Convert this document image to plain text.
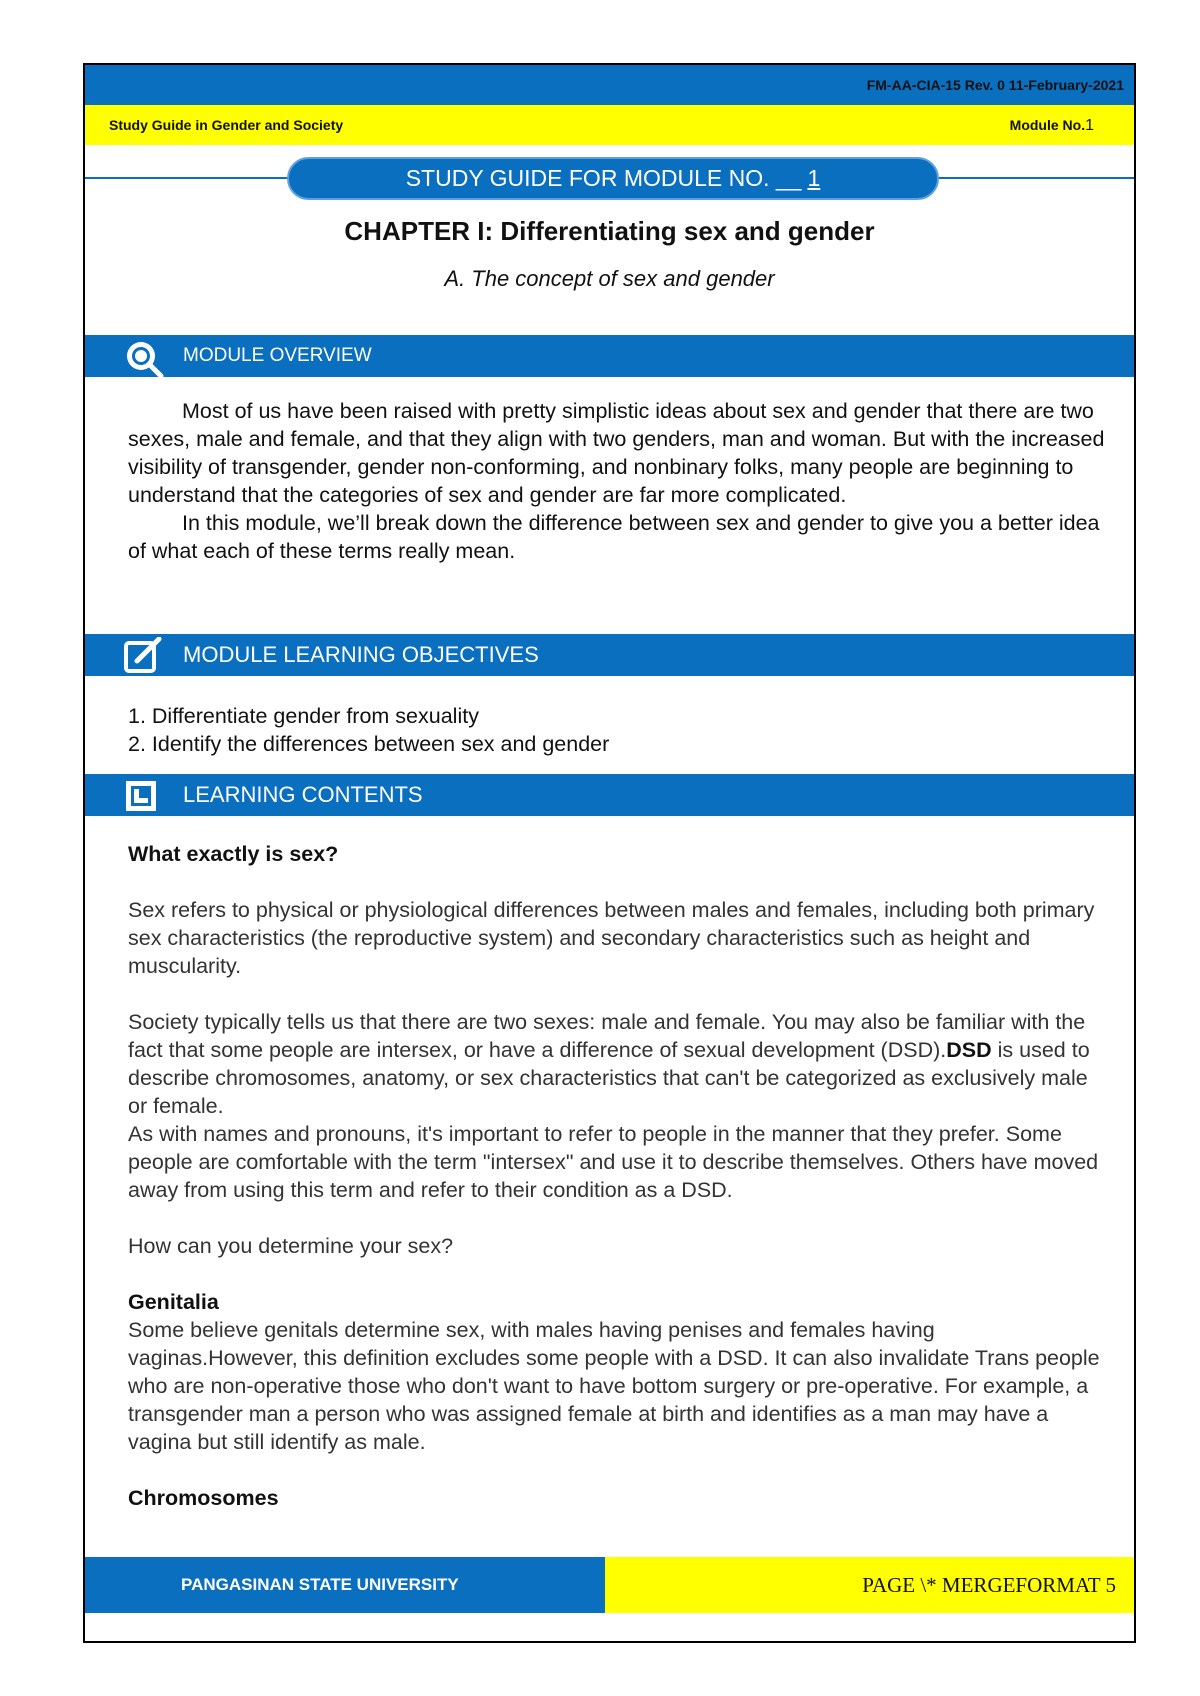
FM-AA-CIA-15 Rev. 0 11-February-2021
Study Guide in Gender and Society	Module No.1
STUDY GUIDE FOR MODULE NO. __ 1
CHAPTER I: Differentiating sex and gender
A. The concept of sex and gender
MODULE OVERVIEW

Most of us have been raised with pretty simplistic ideas about sex and gender that there are two sexes, male and female, and that they align with two genders, man and woman. But with the increased visibility of transgender, gender non-conforming, and nonbinary folks, many people are beginning to understand that the categories of sex and gender are far more complicated.

In this module, we’ll break down the difference between sex and gender to give you a better idea of what each of these terms really mean.

MODULE LEARNING OBJECTIVES

1. Differentiate gender from sexuality

2. Identify the differences between sex and gender

LEARNING CONTENTS

What exactly is sex?

Sex refers to physical or physiological differences between males and females, including both primary sex characteristics (the reproductive system) and secondary characteristics such as height and muscularity.

Society typically tells us that there are two sexes: male and female. You may also be familiar with the fact that some people are intersex, or have a difference of sexual development (DSD).DSD is used to describe chromosomes, anatomy, or sex characteristics that can't be categorized as exclusively male or female.

As with names and pronouns, it's important to refer to people in the manner that they prefer. Some people are comfortable with the term "intersex" and use it to describe themselves. Others have moved away from using this term and refer to their condition as a DSD.

How can you determine your sex?

Genitalia

Some believe genitals determine sex, with males having penises and females having vaginas.However, this definition excludes some people with a DSD. It can also invalidate Trans people who are non-operative those who don't want to have bottom surgery or pre-operative. For example, a transgender man a person who was assigned female at birth and identifies as a man may have a vagina but still identify as male.

Chromosomes

PANGASINAN STATE UNIVERSITY	PAGE \* MERGEFORMAT 5
